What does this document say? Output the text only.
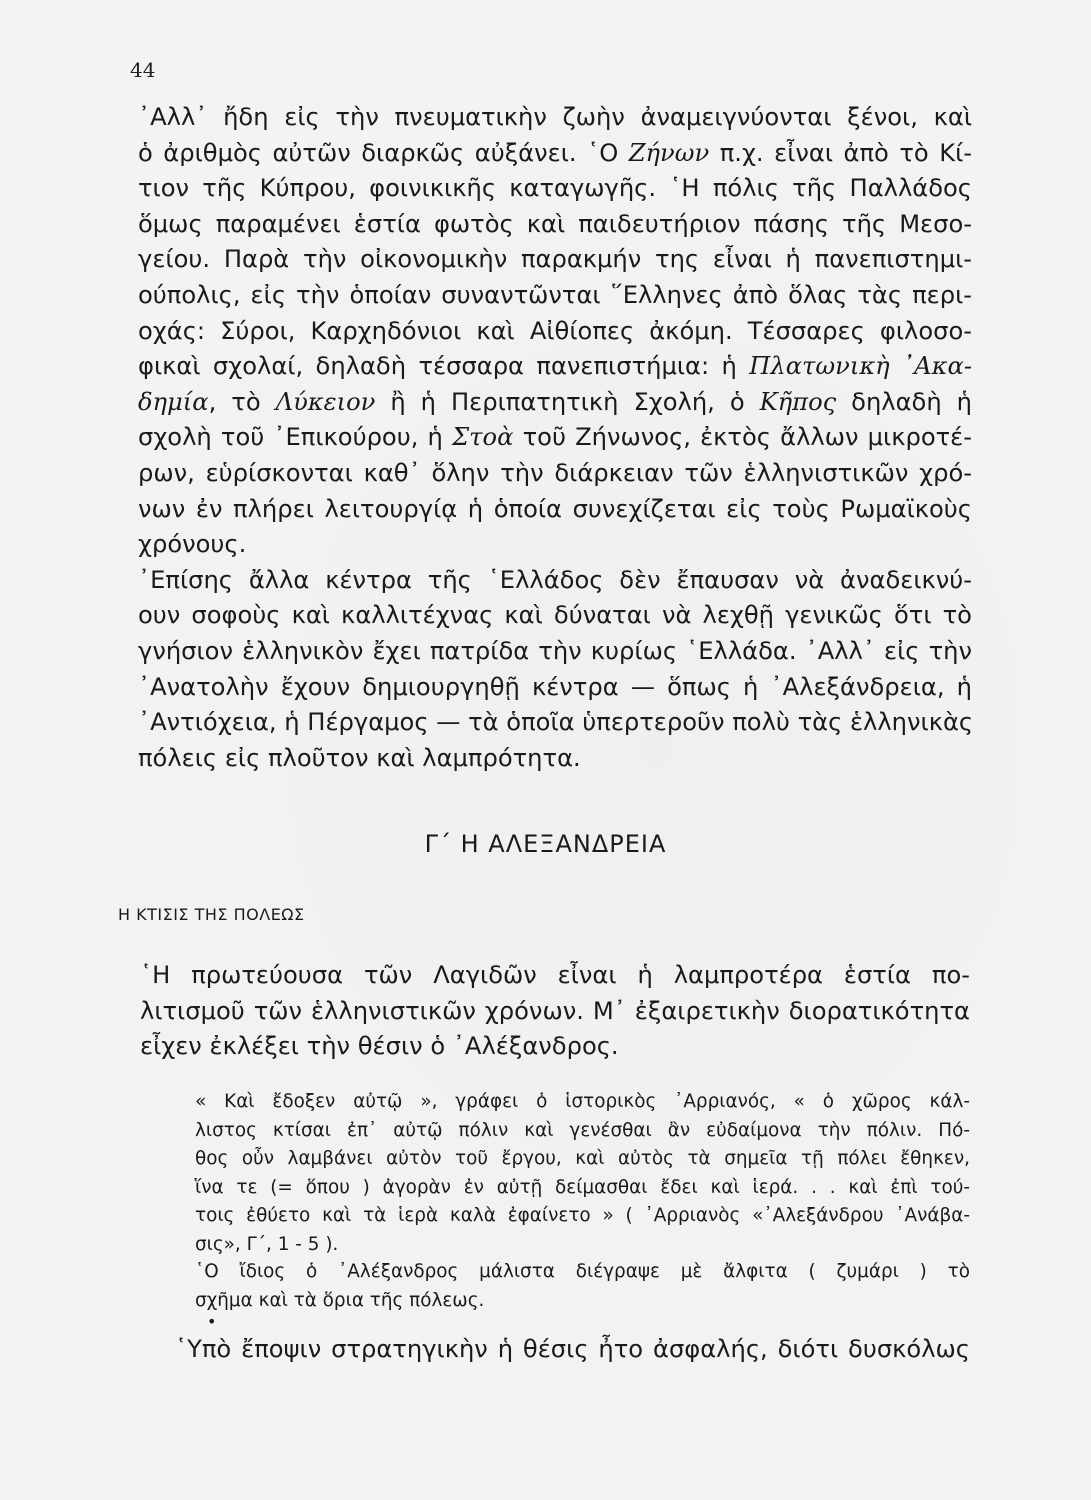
44
᾿Αλλ᾿ ἤδη εἰς τὴν πνευματικὴν ζωὴν ἀναμειγνύονται ξένοι, καὶ
ὁ ἀριθμὸς αὐτῶν διαρκῶς αὐξάνει. ῾Ο Ζήνων π.χ. εἶναι ἀπὸ τὸ Κί-
τιον τῆς Κύπρου, φοινικικῆς καταγωγῆς. ῾Η πόλις τῆς Παλλάδος
ὅμως παραμένει ἑστία φωτὸς καὶ παιδευτήριον πάσης τῆς Μεσο-
γείου. Παρὰ τὴν οἰκονομικὴν παρακμήν της εἶναι ἡ πανεπιστημι-
ούπολις, εἰς τὴν ὁποίαν συναντῶνται ῞Ελληνες ἀπὸ ὅλας τὰς περι-
οχάς: Σύροι, Καρχηδόνιοι καὶ Αἰθίοπες ἀκόμη. Τέσσαρες φιλοσο-
φικαὶ σχολαί, δηλαδὴ τέσσαρα πανεπιστήμια: ἡ Πλατωνικὴ ᾿Ακα-
δημία, τὸ Λύκειον ἢ ἡ Περιπατητικὴ Σχολή, ὁ Κῆπος δηλαδὴ ἡ
σχολὴ τοῦ ᾿Επικούρου, ἡ Στοὰ τοῦ Ζήνωνος, ἐκτὸς ἄλλων μικροτέ-
ρων, εὑρίσκονται καθ᾿ ὅλην τὴν διάρκειαν τῶν ἑλληνιστικῶν χρό-
νων ἐν πλήρει λειτουργίᾳ ἡ ὁποία συνεχίζεται εἰς τοὺς Ρωμαϊκοὺς
χρόνους.
᾿Επίσης ἄλλα κέντρα τῆς ῾Ελλάδος δὲν ἔπαυσαν νὰ ἀναδεικνύ-
ουν σοφοὺς καὶ καλλιτέχνας καὶ δύναται νὰ λεχθῇ γενικῶς ὅτι τὸ
γνήσιον ἑλληνικὸν ἔχει πατρίδα τὴν κυρίως ῾Ελλάδα. ᾿Αλλ᾿ εἰς τὴν
᾿Ανατολὴν ἔχουν δημιουργηθῇ κέντρα — ὅπως ἡ ᾿Αλεξάνδρεια, ἡ
᾿Αντιόχεια, ἡ Πέργαμος — τὰ ὁποῖα ὑπερτεροῦν πολὺ τὰς ἑλληνικὰς
πόλεις εἰς πλοῦτον καὶ λαμπρότητα.
Γ΄ Η ΑΛΕΞΑΝΔΡΕΙΑ
Η ΚΤΙΣΙΣ ΤΗΣ ΠΟΛΕΩΣ
῾Η πρωτεύουσα τῶν Λαγιδῶν εἶναι ἡ λαμπροτέρα ἑστία πο-
λιτισμοῦ τῶν ἑλληνιστικῶν χρόνων. Μ᾿ ἐξαιρετικὴν διορατικότητα
εἶχεν ἐκλέξει τὴν θέσιν ὁ ᾿Αλέξανδρος.
« Καὶ ἔδοξεν αὐτῷ », γράφει ὁ ἱστορικὸς ᾿Αρριανός, « ὁ χῶρος κάλ-
λιστος κτίσαι ἐπ᾿ αὐτῷ πόλιν καὶ γενέσθαι ἂν εὐδαίμονα τὴν πόλιν. Πό-
θος οὖν λαμβάνει αὐτὸν τοῦ ἔργου, καὶ αὐτὸς τὰ σημεῖα τῇ πόλει ἔθηκεν,
ἵνα τε (= ὅπου ) ἀγορὰν ἐν αὐτῇ δείμασθαι ἔδει καὶ ἱερά. . . καὶ ἐπὶ τού-
τοις ἐθύετο καὶ τὰ ἱερὰ καλὰ ἐφαίνετο » ( ᾿Αρριανὸς «᾿Αλεξάνδρου ᾿Ανάβα-
σις», Γ΄, 1 - 5 ).
῾Ο ἴδιος ὁ ᾿Αλέξανδρος μάλιστα διέγραψε μὲ ἄλφιτα ( ζυμάρι ) τὸ
σχῆμα καὶ τὰ ὅρια τῆς πόλεως.
•
῾Υπὸ ἔποψιν στρατηγικὴν ἡ θέσις ἦτο ἀσφαλής, διότι δυσκόλως
